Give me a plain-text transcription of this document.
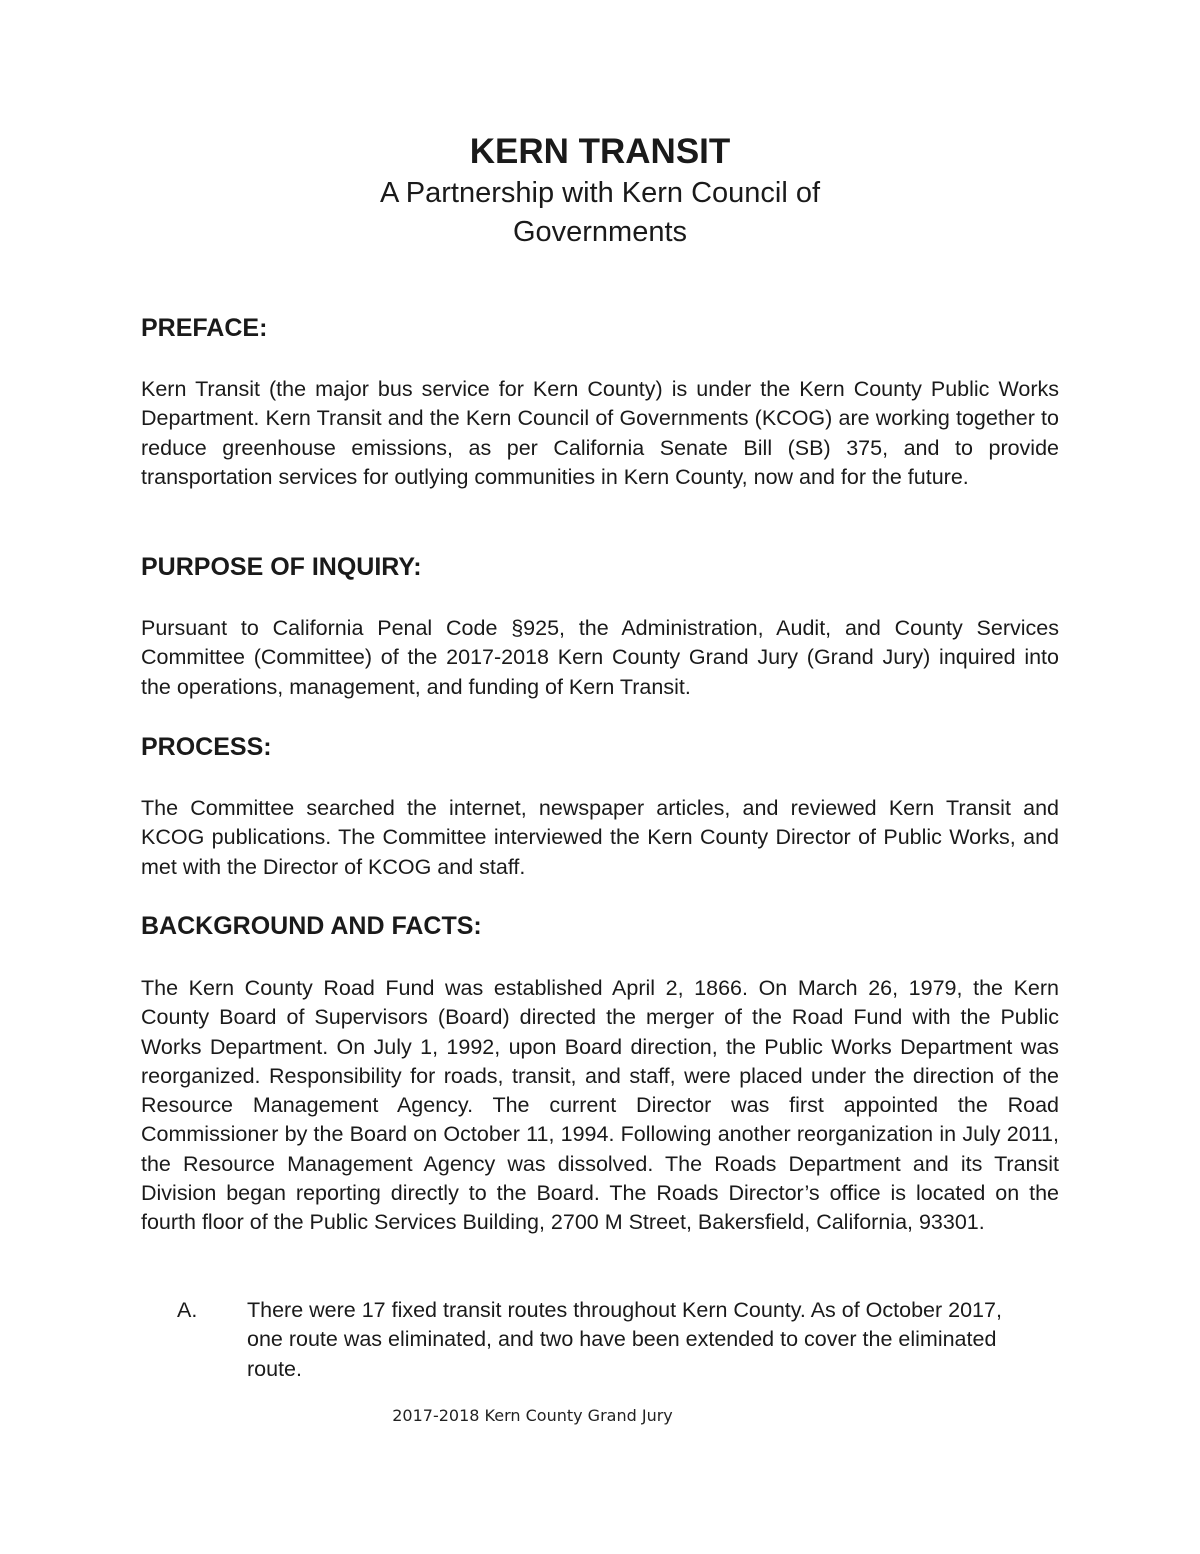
KERN TRANSIT

A Partnership with Kern Council of Governments

PREFACE:

Kern Transit (the major bus service for Kern County) is under the Kern County Public Works Department. Kern Transit and the Kern Council of Governments (KCOG) are working together to reduce greenhouse emissions, as per California Senate Bill (SB) 375, and to provide transportation services for outlying communities in Kern County, now and for the future.

PURPOSE OF INQUIRY:

Pursuant to California Penal Code §925, the Administration, Audit, and County Services Committee (Committee) of the 2017-2018 Kern County Grand Jury (Grand Jury) inquired into the operations, management, and funding of Kern Transit.

PROCESS:

The Committee searched the internet, newspaper articles, and reviewed Kern Transit and KCOG publications. The Committee interviewed the Kern County Director of Public Works, and met with the Director of KCOG and staff.

BACKGROUND AND FACTS:

The Kern County Road Fund was established April 2, 1866. On March 26, 1979, the Kern County Board of Supervisors (Board) directed the merger of the Road Fund with the Public Works Department. On July 1, 1992, upon Board direction, the Public Works Department was reorganized. Responsibility for roads, transit, and staff, were placed under the direction of the Resource Management Agency. The current Director was first appointed the Road Commissioner by the Board on October 11, 1994. Following another reorganization in July 2011, the Resource Management Agency was dissolved. The Roads Department and its Transit Division began reporting directly to the Board. The Roads Director’s office is located on the fourth floor of the Public Services Building, 2700 M Street, Bakersfield, California, 93301.

A.	There were 17 fixed transit routes throughout Kern County. As of October 2017, one route was eliminated, and two have been extended to cover the eliminated route.
2017-2018 Kern County Grand Jury
